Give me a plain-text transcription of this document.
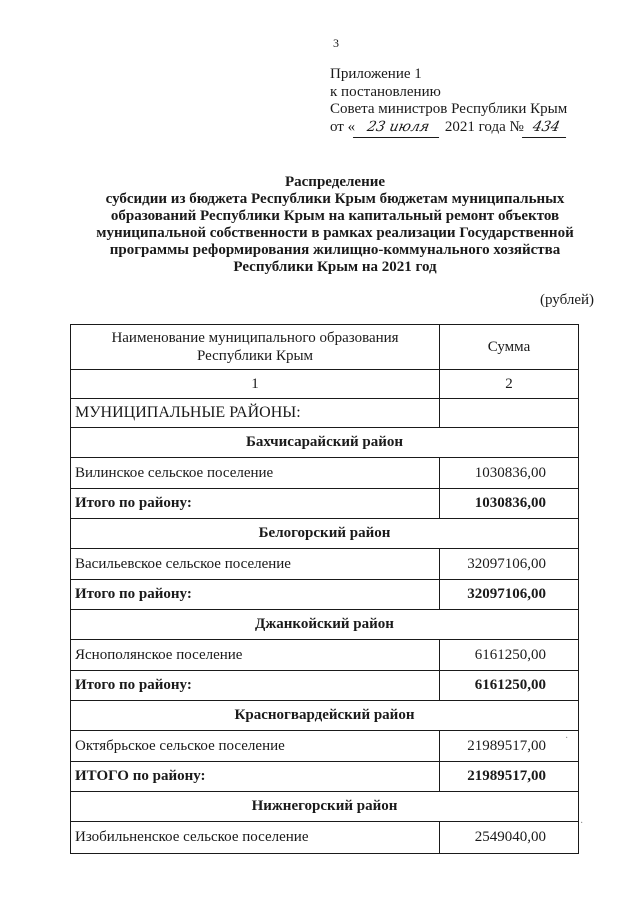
3
Приложение 1
к постановлению
Совета министров Республики Крым
от « 23 июля 2021 года № 434
Распределение
субсидии из бюджета Республики Крым бюджетам муниципальных
образований Республики Крым на капитальный ремонт объектов
муниципальной собственности в рамках реализации Государственной
программы реформирования жилищно-коммунального хозяйства
Республики Крым на 2021 год
(рублей)
Наименование муниципального образования
Республики Крым	Сумма
1	2
МУНИЦИПАЛЬНЫЕ РАЙОНЫ:	
Бахчисарайский район	
Вилинское сельское поселение	1030836,00
Итого по району:	1030836,00
Белогорский район	
Васильевское сельское поселение	32097106,00
Итого по району:	32097106,00
Джанкойский район	
Яснополянское поселение	6161250,00
Итого по району:	6161250,00
Красногвардейский район	
Октябрьское сельское поселение	21989517,00
ИТОГО по району:	21989517,00
Нижнегорский район	
Изобильненское сельское поселение	2549040,00
·
·
